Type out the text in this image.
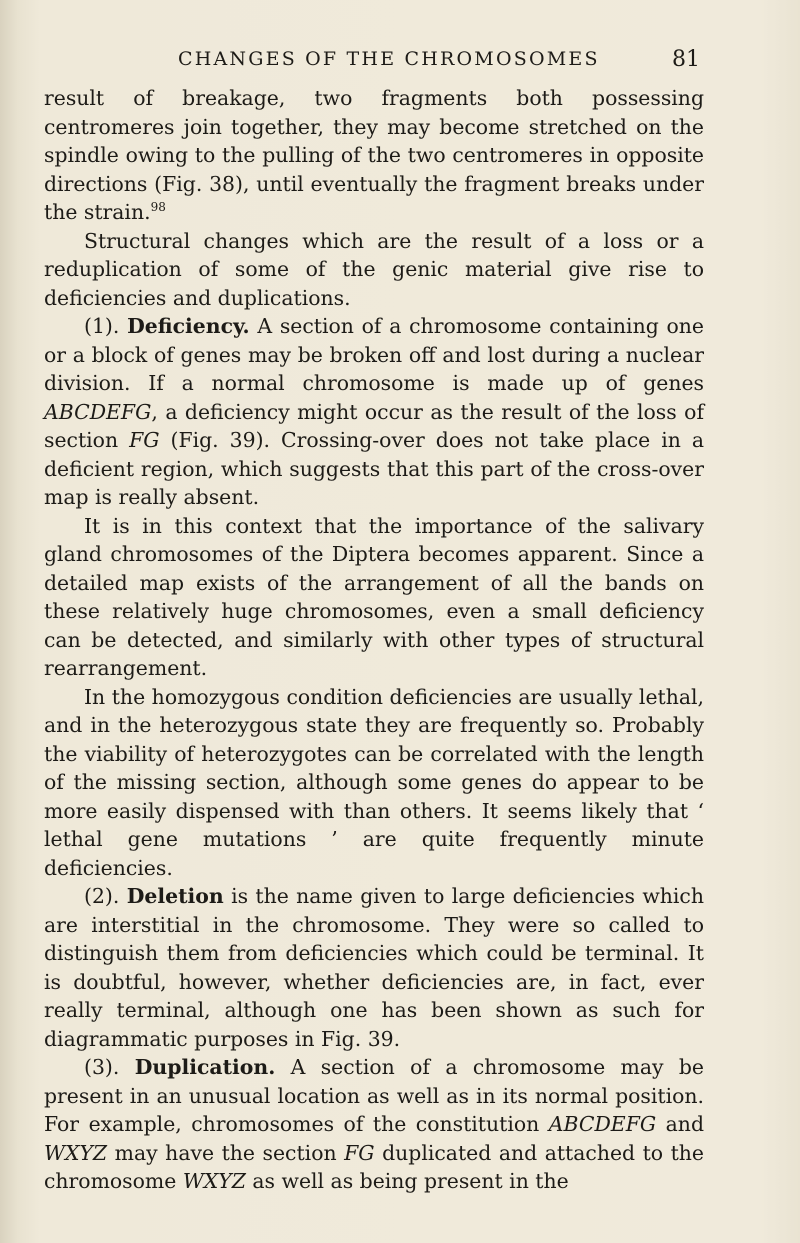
CHANGES OF THE CHROMOSOMES	81

result of breakage, two fragments both possessing centromeres join together, they may become stretched on the spindle owing to the pulling of the two centromeres in opposite directions (Fig. 38), until eventually the fragment breaks under the strain.$^{98}$

Structural changes which are the result of a loss or a reduplication of some of the genic material give rise to deficiencies and duplications.

(1). Deficiency. A section of a chromosome containing one or a block of genes may be broken off and lost during a nuclear division. If a normal chromosome is made up of genes ABCDEFG, a deficiency might occur as the result of the loss of section FG (Fig. 39). Crossing-over does not take place in a deficient region, which suggests that this part of the cross-over map is really absent.

It is in this context that the importance of the salivary gland chromosomes of the Diptera becomes apparent. Since a detailed map exists of the arrangement of all the bands on these relatively huge chromosomes, even a small deficiency can be detected, and similarly with other types of structural rearrangement.

In the homozygous condition deficiencies are usually lethal, and in the heterozygous state they are frequently so. Probably the viability of heterozygotes can be correlated with the length of the missing section, although some genes do appear to be more easily dispensed with than others. It seems likely that ‘ lethal gene mutations ’ are quite frequently minute deficiencies.

(2). Deletion is the name given to large deficiencies which are interstitial in the chromosome. They were so called to distinguish them from deficiencies which could be terminal. It is doubtful, however, whether deficiencies are, in fact, ever really terminal, although one has been shown as such for diagrammatic purposes in Fig. 39.

(3). Duplication. A section of a chromosome may be present in an unusual location as well as in its normal position. For example, chromosomes of the constitution ABCDEFG and WXYZ may have the section FG duplicated and attached to the chromosome WXYZ as well as being present in the
